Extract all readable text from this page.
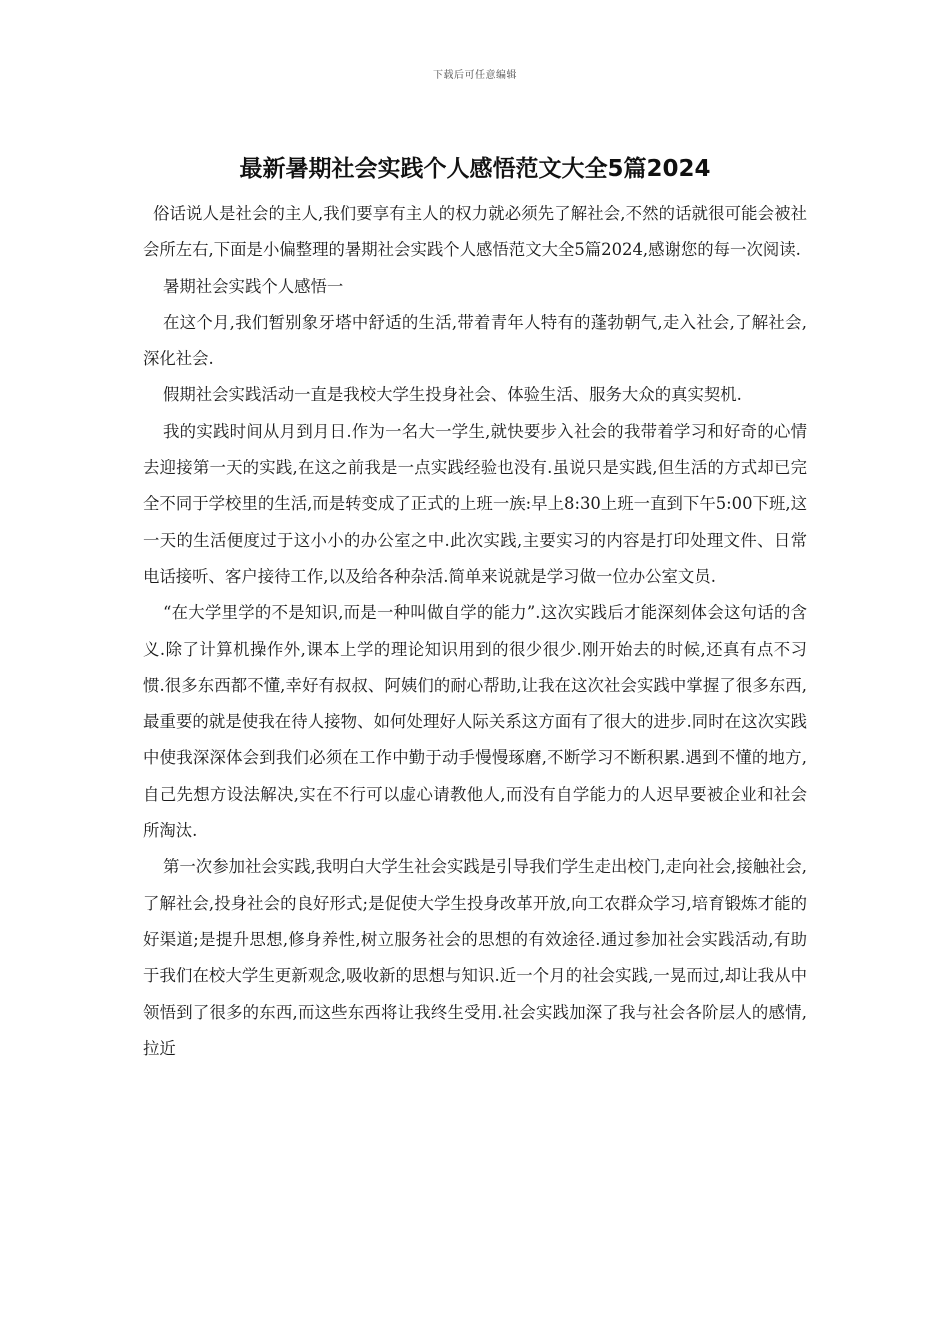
下载后可任意编辑
最新暑期社会实践个人感悟范文大全5篇2024

俗话说人是社会的主人,我们要享有主人的权力就必须先了解社会,不然的话就很可能会被社会所左右,下面是小偏整理的暑期社会实践个人感悟范文大全5篇2024,感谢您的每一次阅读.

暑期社会实践个人感悟一

在这个月,我们暂别象牙塔中舒适的生活,带着青年人特有的蓬勃朝气,走入社会,了解社会,深化社会.

假期社会实践活动一直是我校大学生投身社会、体验生活、服务大众的真实契机.

我的实践时间从月到月日.作为一名大一学生,就快要步入社会的我带着学习和好奇的心情去迎接第一天的实践,在这之前我是一点实践经验也没有.虽说只是实践,但生活的方式却已完全不同于学校里的生活,而是转变成了正式的上班一族:早上8:30上班一直到下午5:00下班,这一天的生活便度过于这小小的办公室之中.此次实践,主要实习的内容是打印处理文件、日常电话接听、客户接待工作,以及给各种杂活.简单来说就是学习做一位办公室文员.

“在大学里学的不是知识,而是一种叫做自学的能力”.这次实践后才能深刻体会这句话的含义.除了计算机操作外,课本上学的理论知识用到的很少很少.刚开始去的时候,还真有点不习惯.很多东西都不懂,幸好有叔叔、阿姨们的耐心帮助,让我在这次社会实践中掌握了很多东西,最重要的就是使我在待人接物、如何处理好人际关系这方面有了很大的进步.同时在这次实践中使我深深体会到我们必须在工作中勤于动手慢慢琢磨,不断学习不断积累.遇到不懂的地方,自己先想方设法解决,实在不行可以虚心请教他人,而没有自学能力的人迟早要被企业和社会所淘汰.

第一次参加社会实践,我明白大学生社会实践是引导我们学生走出校门,走向社会,接触社会,了解社会,投身社会的良好形式;是促使大学生投身改革开放,向工农群众学习,培育锻炼才能的好渠道;是提升思想,修身养性,树立服务社会的思想的有效途径.通过参加社会实践活动,有助于我们在校大学生更新观念,吸收新的思想与知识.近一个月的社会实践,一晃而过,却让我从中领悟到了很多的东西,而这些东西将让我终生受用.社会实践加深了我与社会各阶层人的感情,拉近
